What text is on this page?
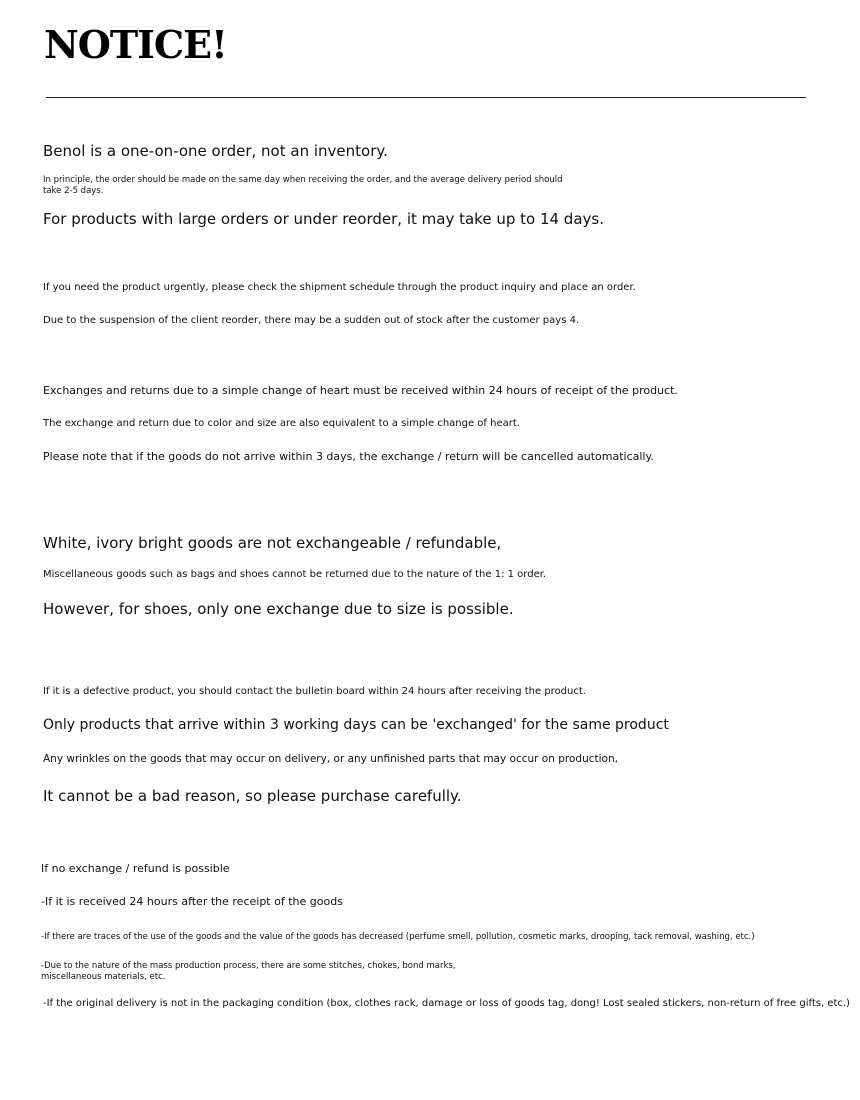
NOTICE!
Benol is a one-on-one order, not an inventory.
In principle, the order should be made on the same day when receiving the order, and the average delivery period should take 2-5 days.
For products with large orders or under reorder, it may take up to 14 days.
If you need the product urgently, please check the shipment schedule through the product inquiry and place an order.
Due to the suspension of the client reorder, there may be a sudden out of stock after the customer pays 4.
Exchanges and returns due to a simple change of heart must be received within 24 hours of receipt of the product.
The exchange and return due to color and size are also equivalent to a simple change of heart.
Please note that if the goods do not arrive within 3 days, the exchange / return will be cancelled automatically.
White, ivory bright goods are not exchangeable / refundable,
Miscellaneous goods such as bags and shoes cannot be returned due to the nature of the 1: 1 order.
However, for shoes, only one exchange due to size is possible.
If it is a defective product, you should contact the bulletin board within 24 hours after receiving the product.
Only products that arrive within 3 working days can be 'exchanged' for the same product
Any wrinkles on the goods that may occur on delivery, or any unfinished parts that may occur on production,
It cannot be a bad reason, so please purchase carefully.
If no exchange / refund is possible
-If it is received 24 hours after the receipt of the goods
-If there are traces of the use of the goods and the value of the goods has decreased (perfume smell, pollution, cosmetic marks, drooping, tack removal, washing, etc.)
-Due to the nature of the mass production process, there are some stitches, chokes, bond marks, miscellaneous materials, etc.
-If the original delivery is not in the packaging condition (box, clothes rack, damage or loss of goods tag, dong! Lost sealed stickers, non-return of free gifts, etc.)
